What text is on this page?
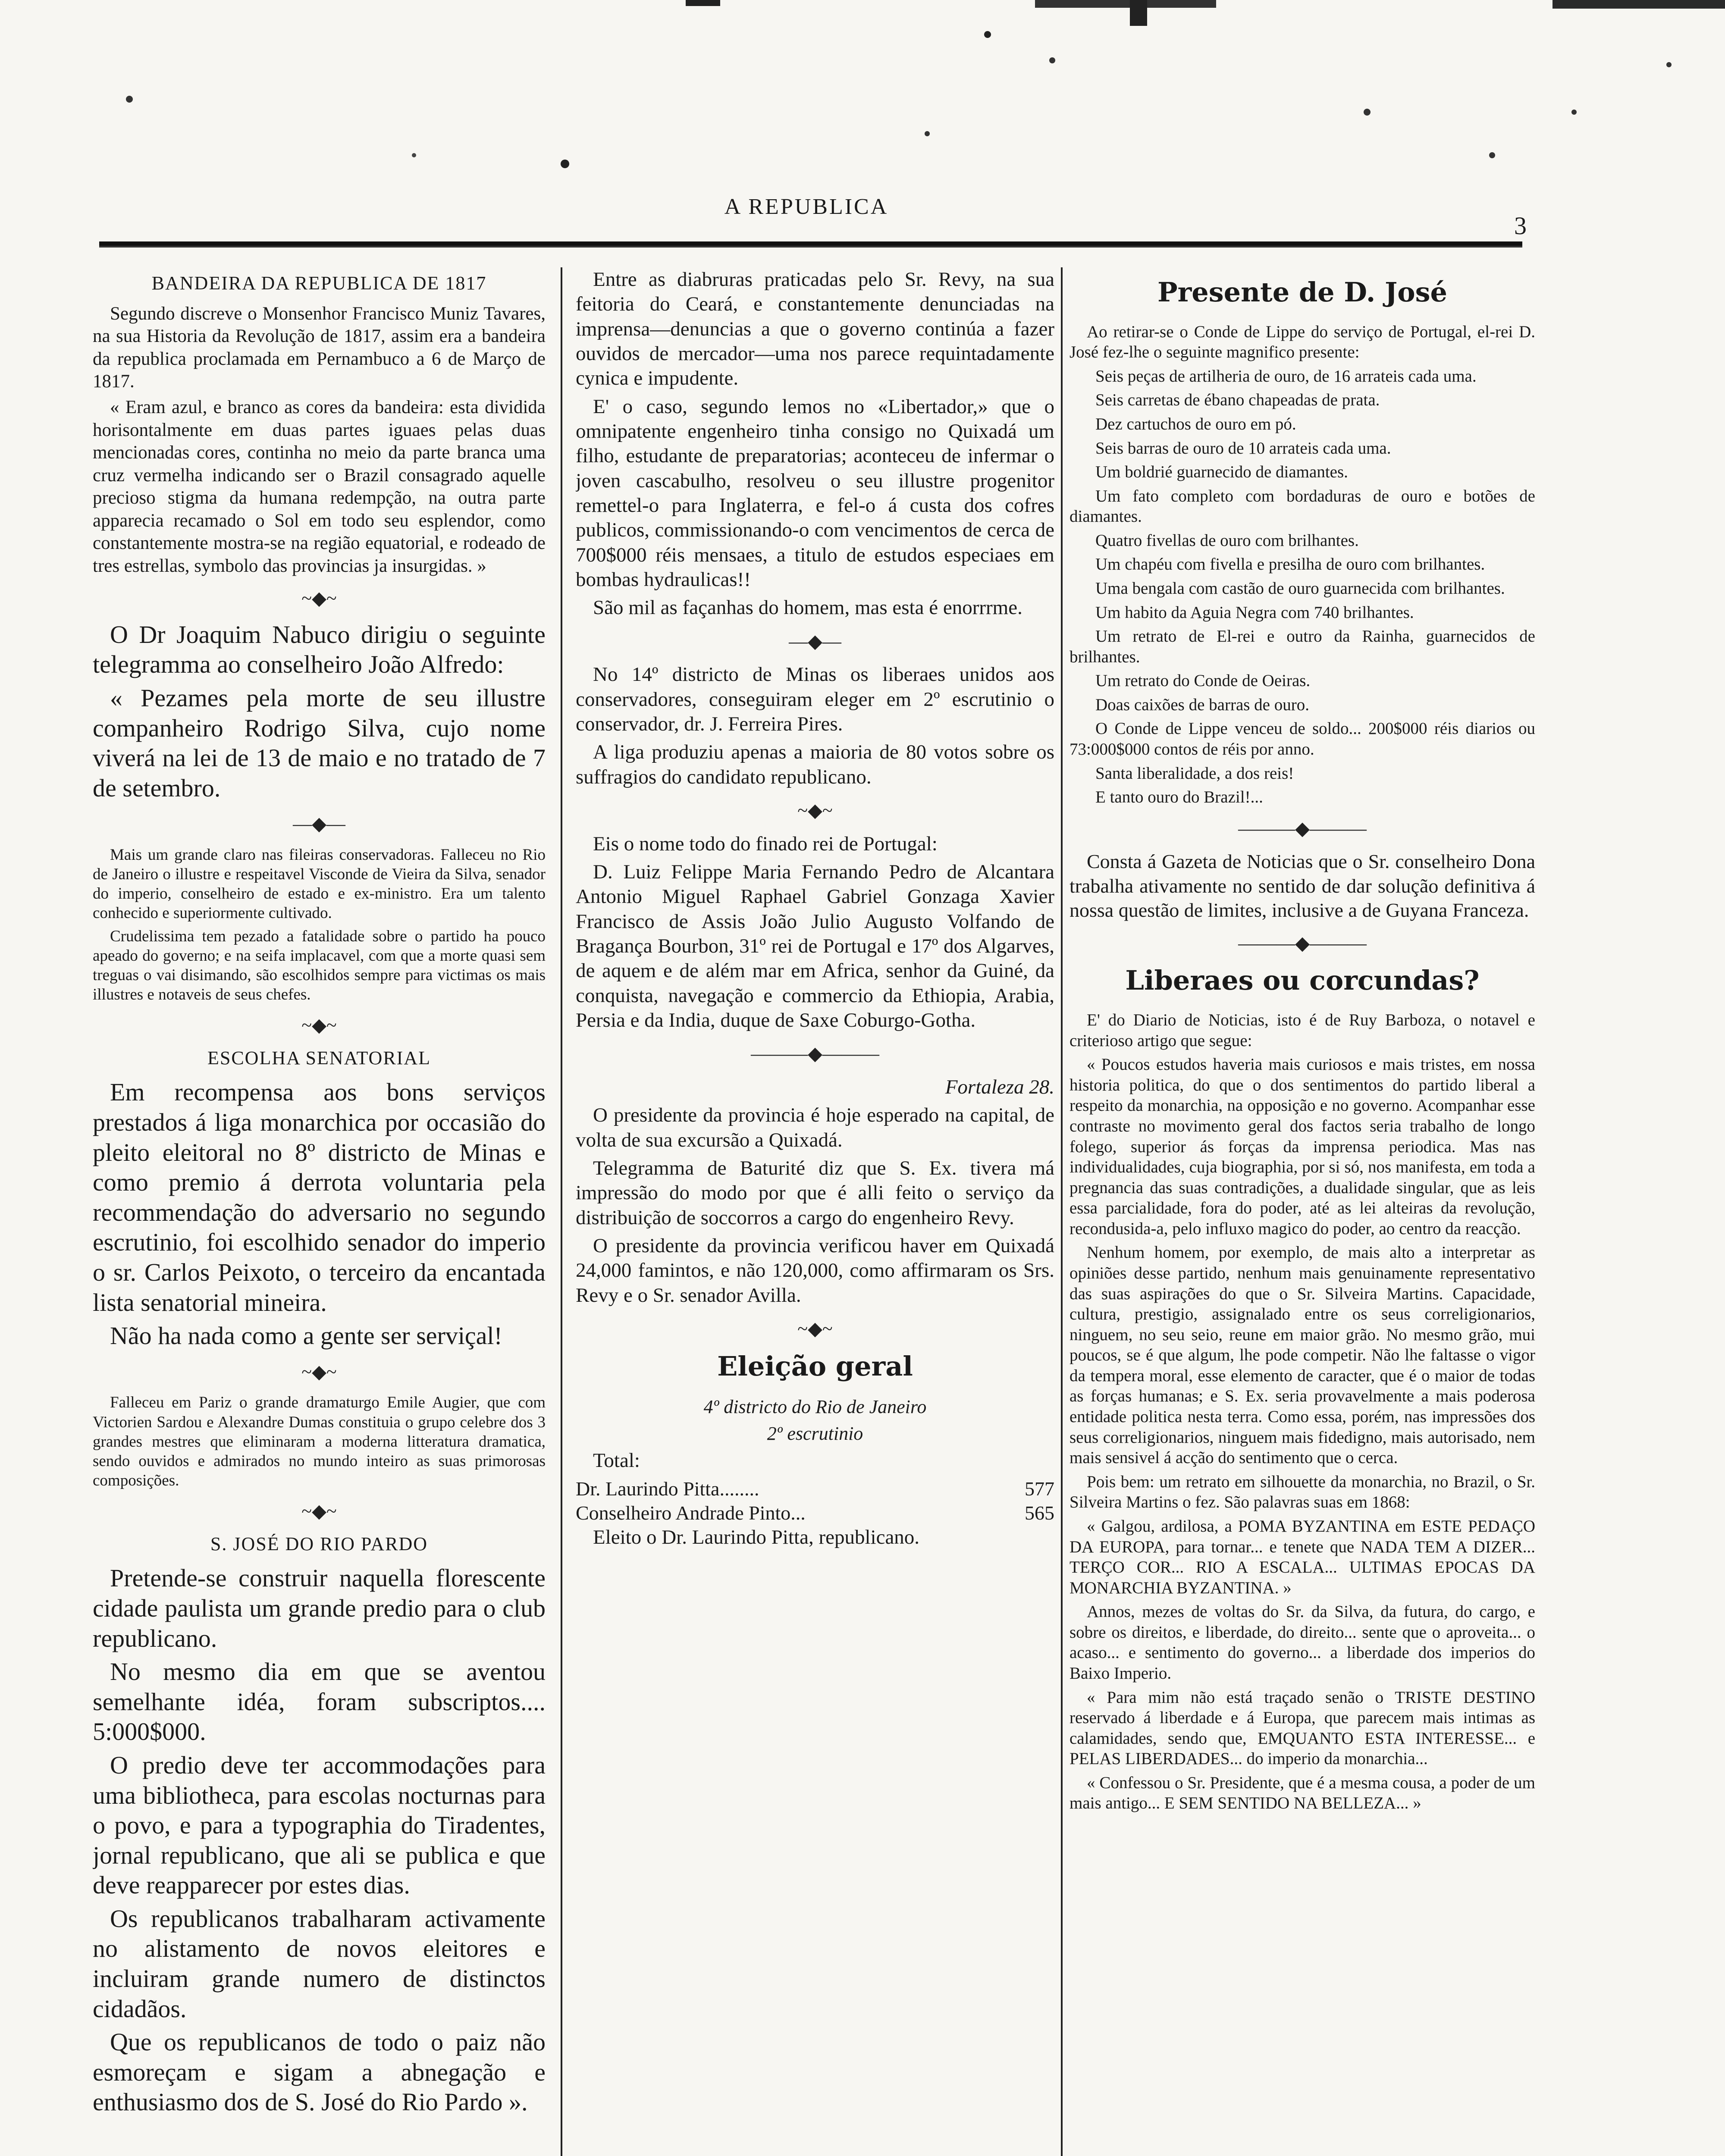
A REPUBLICA
3
BANDEIRA DA REPUBLICA DE 1817

Segundo discreve o Monsenhor Francisco Muniz Tavares, na sua Historia da Revolução de 1817, assim era a bandeira da republica proclamada em Pernambuco a 6 de Março de 1817.

« Eram azul, e branco as cores da bandeira: esta dividida horisontalmente em duas partes iguaes pelas duas mencionadas cores, continha no meio da parte branca uma cruz vermelha indicando ser o Brazil consagrado aquelle precioso stigma da humana redempção, na outra parte apparecia recamado o Sol em todo seu esplendor, como constantemente mostra-se na região equatorial, e rodeado de tres estrellas, symbolo das provincias ja insurgidas. »

~◆~

O Dr Joaquim Nabuco dirigiu o seguinte telegramma ao conselheiro João Alfredo:

« Pezames pela morte de seu illustre companheiro Rodrigo Silva, cujo nome viverá na lei de 13 de maio e no tratado de 7 de setembro.

—◆—

Mais um grande claro nas fileiras conservadoras. Falleceu no Rio de Janeiro o illustre e respeitavel Visconde de Vieira da Silva, senador do imperio, conselheiro de estado e ex-ministro. Era um talento conhecido e superiormente cultivado.

Crudelissima tem pezado a fatalidade sobre o partido ha pouco apeado do governo; e na seifa implacavel, com que a morte quasi sem treguas o vai disimando, são escolhidos sempre para victimas os mais illustres e notaveis de seus chefes.

~◆~
ESCOLHA SENATORIAL

Em recompensa aos bons serviços prestados á liga monarchica por occasião do pleito eleitoral no 8º districto de Minas e como premio á derrota voluntaria pela recommendação do adversario no segundo escrutinio, foi escolhido senador do imperio o sr. Carlos Peixoto, o terceiro da encantada lista senatorial mineira.

Não ha nada como a gente ser serviçal!

~◆~

Falleceu em Pariz o grande dramaturgo Emile Augier, que com Victorien Sardou e Alexandre Dumas constituia o grupo celebre dos 3 grandes mestres que eliminaram a moderna litteratura dramatica, sendo ouvidos e admirados no mundo inteiro as suas primorosas composições.

~◆~
S. JOSÉ DO RIO PARDO

Pretende-se construir naquella florescente cidade paulista um grande predio para o club republicano.

No mesmo dia em que se aventou semelhante idéa, foram subscriptos.... 5:000$000.

O predio deve ter accommodações para uma bibliotheca, para escolas nocturnas para o povo, e para a typographia do Tiradentes, jornal republicano, que ali se publica e que deve reapparecer por estes dias.

Os republicanos trabalharam activamente no alistamento de novos eleitores e incluiram grande numero de distinctos cidadãos.

Que os republicanos de todo o paiz não esmoreçam e sigam a abnegação e enthusiasmo dos de S. José do Rio Pardo ».

Entre as diabruras praticadas pelo Sr. Revy, na sua feitoria do Ceará, e constantemente denunciadas na imprensa—denuncias a que o governo continúa a fazer ouvidos de mercador—uma nos parece requintadamente cynica e impudente.

E' o caso, segundo lemos no «Libertador,» que o omnipatente engenheiro tinha consigo no Quixadá um filho, estudante de preparatorias; aconteceu de infermar o joven cascabulho, resolveu o seu illustre progenitor remettel-o para Inglaterra, e fel-o á custa dos cofres publicos, commissionando-o com vencimentos de cerca de 700$000 réis mensaes, a titulo de estudos especiaes em bombas hydraulicas!!

São mil as façanhas do homem, mas esta é enorrrme.

—◆—

No 14º districto de Minas os liberaes unidos aos conservadores, conseguiram eleger em 2º escrutinio o conservador, dr. J. Ferreira Pires.

A liga produziu apenas a maioria de 80 votos sobre os suffragios do candidato republicano.

~◆~

Eis o nome todo do finado rei de Portugal:

D. Luiz Felippe Maria Fernando Pedro de Alcantara Antonio Miguel Raphael Gabriel Gonzaga Xavier Francisco de Assis João Julio Augusto Volfando de Bragança Bourbon, 31º rei de Portugal e 17º dos Algarves, de aquem e de além mar em Africa, senhor da Guiné, da conquista, navegação e commercio da Ethiopia, Arabia, Persia e da India, duque de Saxe Coburgo-Gotha.

———◆———

Fortaleza 28.

O presidente da provincia é hoje esperado na capital, de volta de sua excursão a Quixadá.

Telegramma de Baturité diz que S. Ex. tivera má impressão do modo por que é alli feito o serviço da distribuição de soccorros a cargo do engenheiro Revy.

O presidente da provincia verificou haver em Quixadá 24,000 famintos, e não 120,000, como affirmaram os Srs. Revy e o Sr. senador Avilla.

~◆~
Eleição geral
4º districto do Rio de Janeiro
2º escrutinio

Total:

Dr. Laurindo Pitta........	577
Conselheiro Andrade Pinto...	565

Eleito o Dr. Laurindo Pitta, republicano.

Presente de D. José

Ao retirar-se o Conde de Lippe do serviço de Portugal, el-rei D. José fez-lhe o seguinte magnifico presente:

Seis peças de artilheria de ouro, de 16 arrateis cada uma.

Seis carretas de ébano chapeadas de prata.

Dez cartuchos de ouro em pó.

Seis barras de ouro de 10 arrateis cada uma.

Um boldrié guarnecido de diamantes.

Um fato completo com bordaduras de ouro e botões de diamantes.

Quatro fivellas de ouro com brilhantes.

Um chapéu com fivella e presilha de ouro com brilhantes.

Uma bengala com castão de ouro guarnecida com brilhantes.

Um habito da Aguia Negra com 740 brilhantes.

Um retrato de El-rei e outro da Rainha, guarnecidos de brilhantes.

Um retrato do Conde de Oeiras.

Doas caixões de barras de ouro.

O Conde de Lippe venceu de soldo... 200$000 réis diarios ou 73:000$000 contos de réis por anno.

Santa liberalidade, a dos reis!

E tanto ouro do Brazil!...

———◆———

Consta á Gazeta de Noticias que o Sr. conselheiro Dona trabalha ativamente no sentido de dar solução definitiva á nossa questão de limites, inclusive a de Guyana Franceza.

———◆———
Liberaes ou corcundas?

E' do Diario de Noticias, isto é de Ruy Barboza, o notavel e criterioso artigo que segue:

« Poucos estudos haveria mais curiosos e mais tristes, em nossa historia politica, do que o dos sentimentos do partido liberal a respeito da monarchia, na opposição e no governo. Acompanhar esse contraste no movimento geral dos factos seria trabalho de longo folego, superior ás forças da imprensa periodica. Mas nas individualidades, cuja biographia, por si só, nos manifesta, em toda a pregnancia das suas contradições, a dualidade singular, que as leis essa parcialidade, fora do poder, até as lei alteiras da revolução, recondusida-a, pelo influxo magico do poder, ao centro da reacção.

Nenhum homem, por exemplo, de mais alto a interpretar as opiniões desse partido, nenhum mais genuinamente representativo das suas aspirações do que o Sr. Silveira Martins. Capacidade, cultura, prestigio, assignalado entre os seus correligionarios, ninguem, no seu seio, reune em maior grão. No mesmo grão, mui poucos, se é que algum, lhe pode competir. Não lhe faltasse o vigor da tempera moral, esse elemento de caracter, que é o maior de todas as forças humanas; e S. Ex. seria provavelmente a mais poderosa entidade politica nesta terra. Como essa, porém, nas impressões dos seus correligionarios, ninguem mais fidedigno, mais autorisado, nem mais sensivel á acção do sentimento que o cerca.

Pois bem: um retrato em silhouette da monarchia, no Brazil, o Sr. Silveira Martins o fez. São palavras suas em 1868:

« Galgou, ardilosa, a POMA BYZANTINA em ESTE PEDAÇO DA EUROPA, para tornar... e tenete que NADA TEM A DIZER... TERÇO COR... RIO A ESCALA... ULTIMAS EPOCAS DA MONARCHIA BYZANTINA. »

Annos, mezes de voltas do Sr. da Silva, da futura, do cargo, e sobre os direitos, e liberdade, do direito... sente que o aproveita... o acaso... e sentimento do governo... a liberdade dos imperios do Baixo Imperio.

« Para mim não está traçado senão o TRISTE DESTINO reservado á liberdade e á Europa, que parecem mais intimas as calamidades, sendo que, EMQUANTO ESTA INTERESSE... e PELAS LIBERDADES... do imperio da monarchia...

« Confessou o Sr. Presidente, que é a mesma cousa, a poder de um mais antigo... E SEM SENTIDO NA BELLEZA... »
